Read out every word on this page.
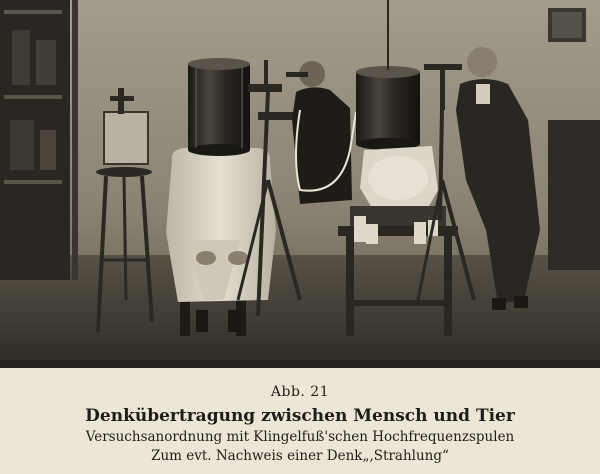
Abb. 21
Denkübertragung zwischen Mensch und Tier
Versuchsanordnung mit Klingelfuß'schen Hochfrequenzspulen
Zum evt. Nachweis einer Denk„,Strahlung“
